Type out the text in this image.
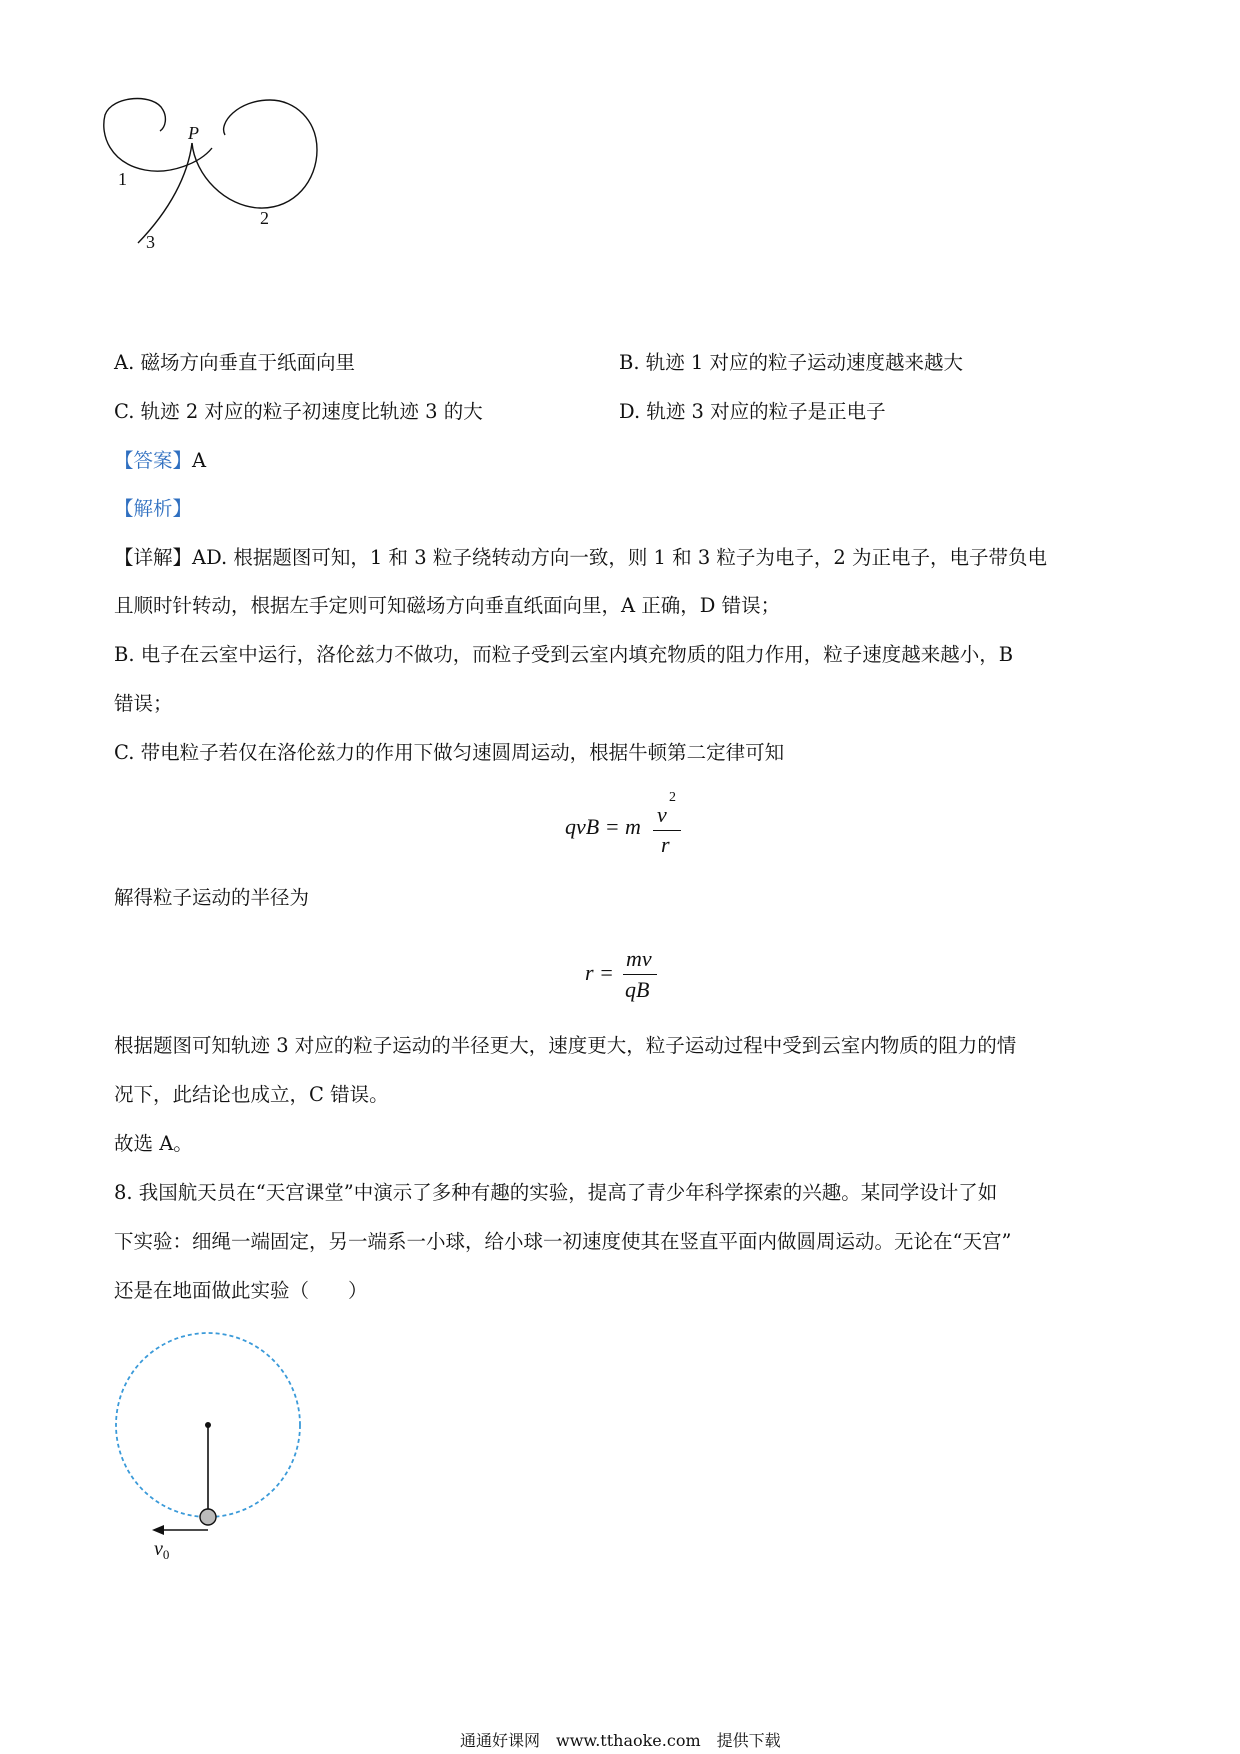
P
1
2
3
A. 磁场方向垂直于纸面向里	B. 轨迹 1 对应的粒子运动速度越来越大
C. 轨迹 2 对应的粒子初速度比轨迹 3 的大	D. 轨迹 3 对应的粒子是正电子
【答案】A
【解析】
【详解】AD. 根据题图可知，1 和 3 粒子绕转动方向一致，则 1 和 3 粒子为电子，2 为正电子，电子带负电
且顺时针转动，根据左手定则可知磁场方向垂直纸面向里，A 正确，D 错误；
B. 电子在云室中运行，洛伦兹力不做功，而粒子受到云室内填充物质的阻力作用，粒子速度越来越小，B
错误；
C. 带电粒子若仅在洛伦兹力的作用下做匀速圆周运动，根据牛顿第二定律可知
qvB = m v
2
r
解得粒子运动的半径为
r =
mv
qB
根据题图可知轨迹 3 对应的粒子运动的半径更大，速度更大，粒子运动过程中受到云室内物质的阻力的情
况下，此结论也成立，C 错误。
故选 A。
8. 我国航天员在“天宫课堂”中演示了多种有趣的实验，提高了青少年科学探索的兴趣。某同学设计了如
下实验：细绳一端固定，另一端系一小球，给小球一初速度使其在竖直平面内做圆周运动。无论在“天宫”
还是在地面做此实验（　　）
$v_0$
通通好课网　www.tthaoke.com　提供下载
